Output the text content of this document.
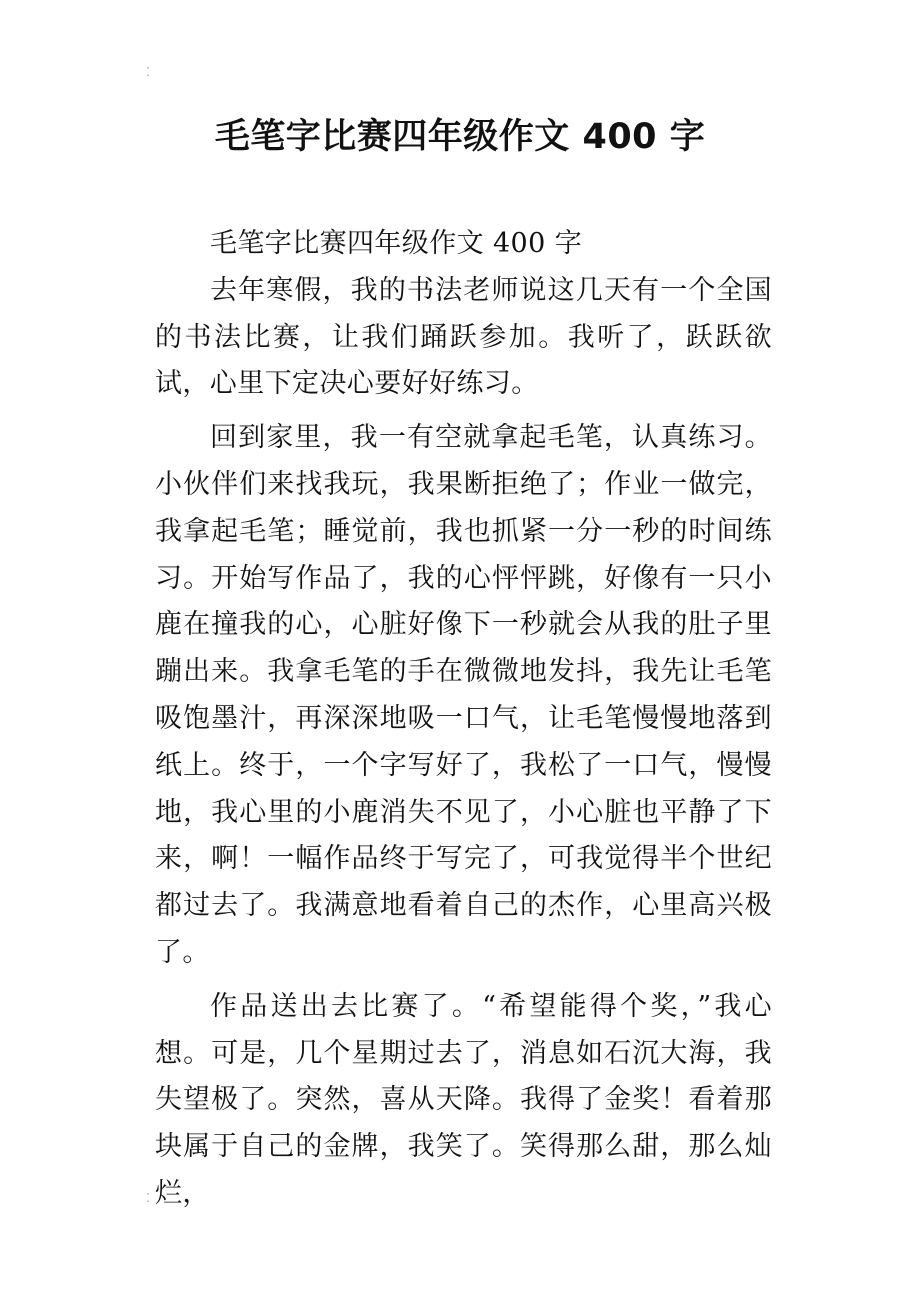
⁚
⁚
毛笔字比赛四年级作文 400 字

毛笔字比赛四年级作文 400 字

去年寒假，我的书法老师说这几天有一个全国的书法比赛，让我们踊跃参加。我听了，跃跃欲试，心里下定决心要好好练习。

回到家里，我一有空就拿起毛笔，认真练习。小伙伴们来找我玩，我果断拒绝了；作业一做完，我拿起毛笔；睡觉前，我也抓紧一分一秒的时间练习。开始写作品了，我的心怦怦跳，好像有一只小鹿在撞我的心，心脏好像下一秒就会从我的肚子里蹦出来。我拿毛笔的手在微微地发抖，我先让毛笔吸饱墨汁，再深深地吸一口气，让毛笔慢慢地落到纸上。终于，一个字写好了，我松了一口气，慢慢地，我心里的小鹿消失不见了，小心脏也平静了下来，啊！一幅作品终于写完了，可我觉得半个世纪都过去了。我满意地看着自己的杰作，心里高兴极了。

作品送出去比赛了。“希望能得个奖，”我心想。可是，几个星期过去了，消息如石沉大海，我失望极了。突然，喜从天降。我得了金奖！看着那块属于自己的金牌，我笑了。笑得那么甜，那么灿烂，
